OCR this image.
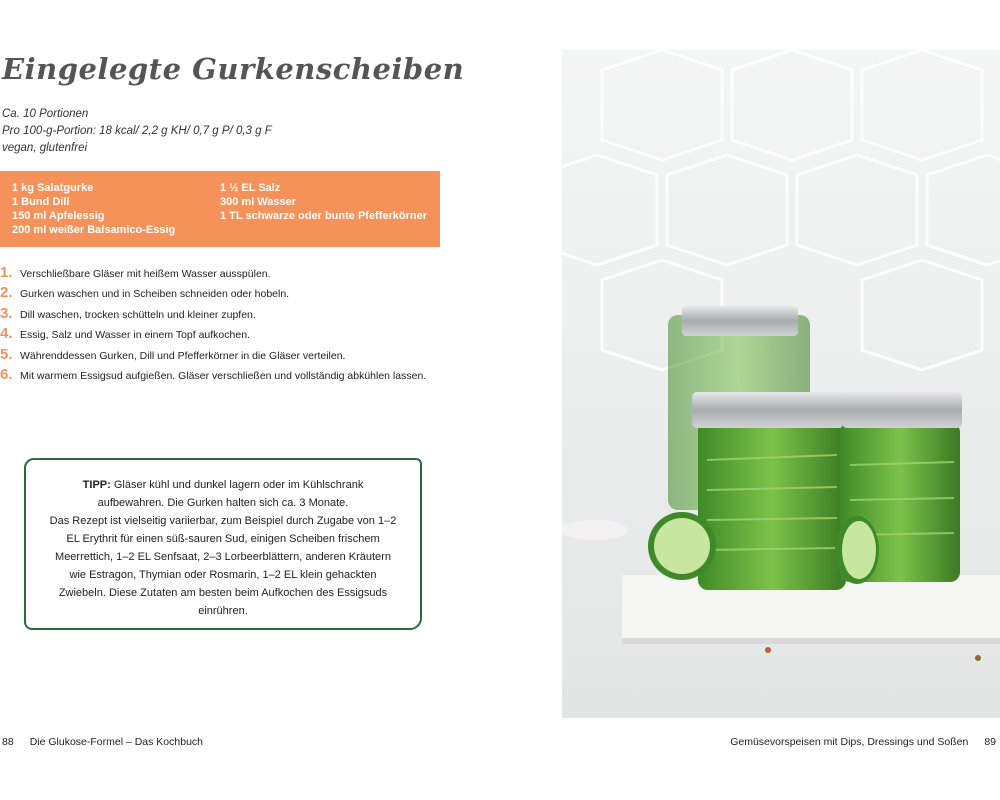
Eingelegte Gurkenscheiben
Ca. 10 Portionen
Pro 100-g-Portion: 18 kcal/ 2,2 g KH/ 0,7 g P/ 0,3 g F
vegan, glutenfrei
1 kg Salatgurke
1 Bund Dill
150 ml Apfelessig
200 ml weißer Balsamico-Essig
1 ½ EL Salz
300 ml Wasser
1 TL schwarze oder bunte Pfefferkörner
1. Verschließbare Gläser mit heißem Wasser ausspülen.
2. Gurken waschen und in Scheiben schneiden oder hobeln.
3. Dill waschen, trocken schütteln und kleiner zupfen.
4. Essig, Salz und Wasser in einem Topf aufkochen.
5. Währenddessen Gurken, Dill und Pfefferkörner in die Gläser verteilen.
6. Mit warmem Essigsud aufgießen. Gläser verschließen und vollständig abkühlen lassen.

TIPP: Gläser kühl und dunkel lagern oder im Kühlschrank aufbewahren. Die Gurken halten sich ca. 3 Monate.

Das Rezept ist vielseitig variierbar, zum Beispiel durch Zugabe von 1–2 EL Erythrit für einen süß-sauren Sud, einigen Scheiben frischem Meerrettich, 1–2 EL Senfsaat, 2–3 Lorbeerblättern, anderen Kräutern wie Estragon, Thymian oder Rosmarin, 1–2 EL klein gehackten Zwiebeln. Diese Zutaten am besten beim Aufkochen des Essigsuds einrühren.

88 Die Glukose-Formel – Das Kochbuch	Gemüsevorspeisen mit Dips, Dressings und Soßen 89
